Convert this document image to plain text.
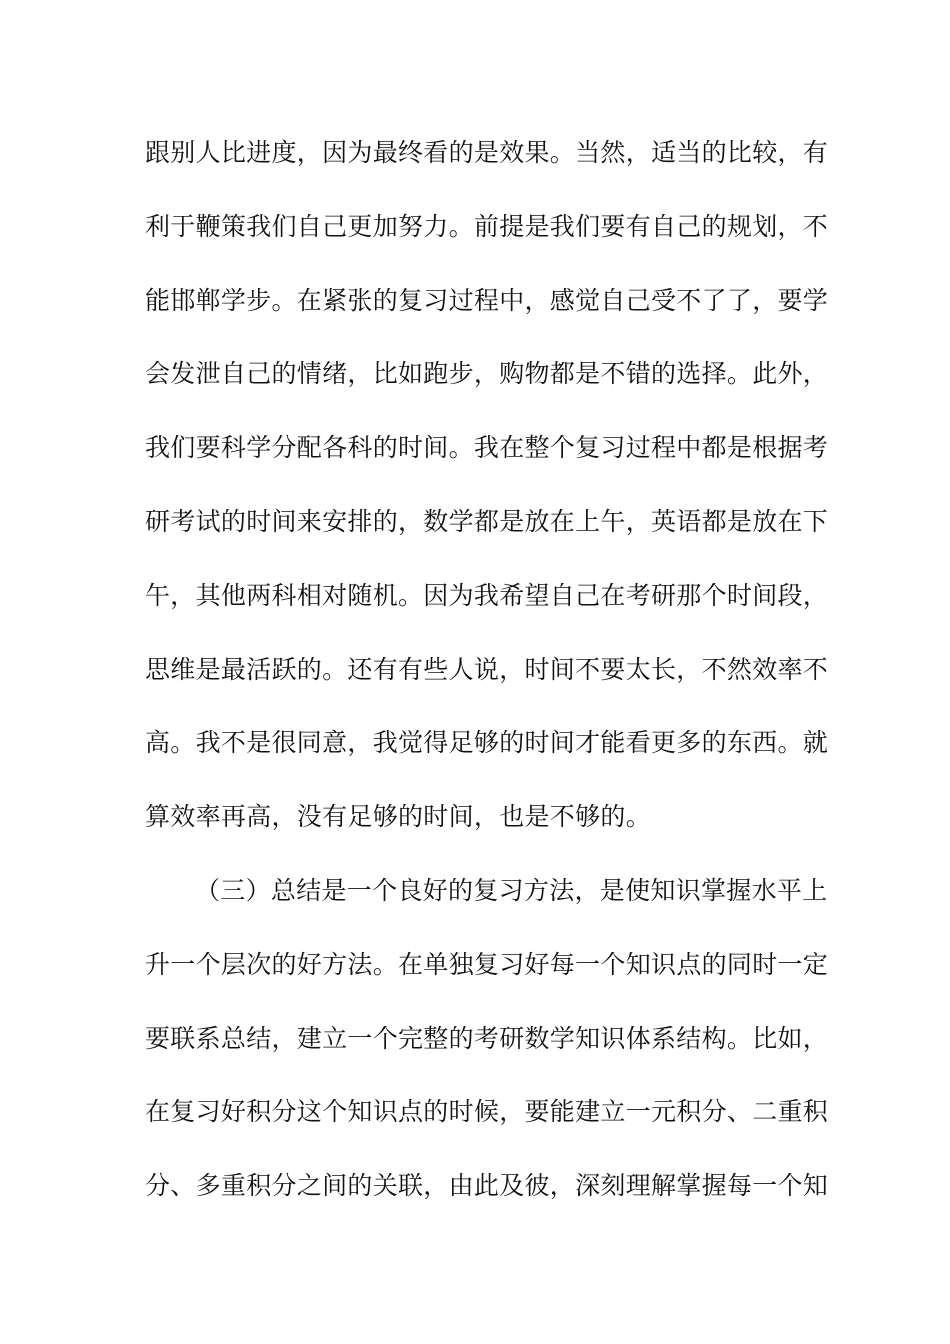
跟别人比进度，因为最终看的是效果。当然，适当的比较，有
利于鞭策我们自己更加努力。前提是我们要有自己的规划，不
能邯郸学步。在紧张的复习过程中，感觉自己受不了了，要学
会发泄自己的情绪，比如跑步，购物都是不错的选择。此外，
我们要科学分配各科的时间。我在整个复习过程中都是根据考
研考试的时间来安排的，数学都是放在上午，英语都是放在下
午，其他两科相对随机。因为我希望自己在考研那个时间段，
思维是最活跃的。还有有些人说，时间不要太长，不然效率不
高。我不是很同意，我觉得足够的时间才能看更多的东西。就
算效率再高，没有足够的时间，也是不够的。
（三）总结是一个良好的复习方法，是使知识掌握水平上
升一个层次的好方法。在单独复习好每一个知识点的同时一定
要联系总结，建立一个完整的考研数学知识体系结构。比如，
在复习好积分这个知识点的时候，要能建立一元积分、二重积
分、多重积分之间的关联，由此及彼，深刻理解掌握每一个知
